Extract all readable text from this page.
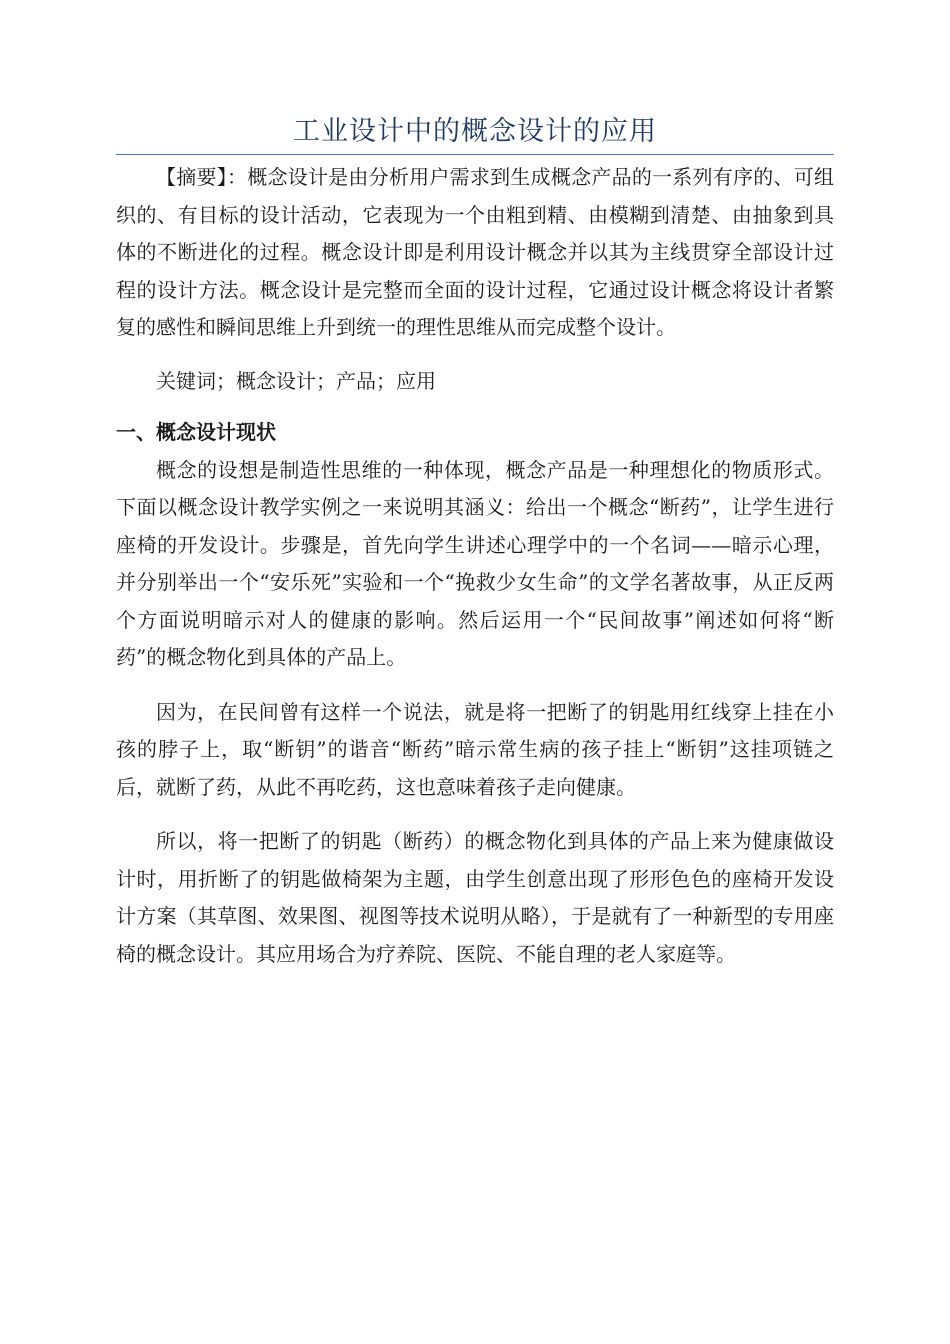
工业设计中的概念设计的应用

【摘要】：概念设计是由分析用户需求到生成概念产品的一系列有序的、可组织的、有目标的设计活动，它表现为一个由粗到精、由模糊到清楚、由抽象到具体的不断进化的过程。概念设计即是利用设计概念并以其为主线贯穿全部设计过程的设计方法。概念设计是完整而全面的设计过程，它通过设计概念将设计者繁复的感性和瞬间思维上升到统一的理性思维从而完成整个设计。

关键词；概念设计；产品；应用

一、概念设计现状

概念的设想是制造性思维的一种体现，概念产品是一种理想化的物质形式。下面以概念设计教学实例之一来说明其涵义：给出一个概念“断药”，让学生进行座椅的开发设计。步骤是，首先向学生讲述心理学中的一个名词——暗示心理，并分别举出一个“安乐死”实验和一个“挽救少女生命”的文学名著故事，从正反两个方面说明暗示对人的健康的影响。然后运用一个“民间故事”阐述如何将“断药”的概念物化到具体的产品上。

因为，在民间曾有这样一个说法，就是将一把断了的钥匙用红线穿上挂在小孩的脖子上，取“断钥”的谐音“断药”暗示常生病的孩子挂上“断钥”这挂项链之后，就断了药，从此不再吃药，这也意味着孩子走向健康。

所以，将一把断了的钥匙（断药）的概念物化到具体的产品上来为健康做设计时，用折断了的钥匙做椅架为主题，由学生创意出现了形形色色的座椅开发设计方案（其草图、效果图、视图等技术说明从略），于是就有了一种新型的专用座椅的概念设计。其应用场合为疗养院、医院、不能自理的老人家庭等。
